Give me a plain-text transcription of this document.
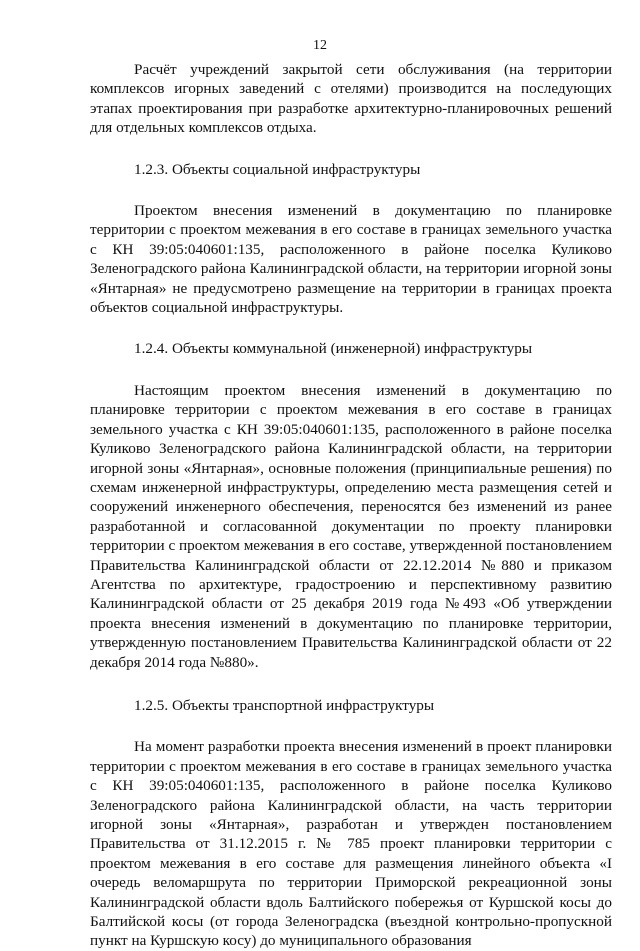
12

Расчёт учреждений закрытой сети обслуживания (на территории комплексов игорных заведений с отелями) производится на последующих этапах проектирования при разработке архитектурно-планировочных решений для отдельных комплексов отдыха.

1.2.3. Объекты социальной инфраструктуры

Проектом внесения изменений в документацию по планировке территории с проектом межевания в его составе в границах земельного участка с КН 39:05:040601:135, расположенного в районе поселка Куликово Зеленоградского района Калининградской области, на территории игорной зоны «Янтарная» не предусмотрено размещение на территории в границах проекта объектов социальной инфраструктуры.

1.2.4. Объекты коммунальной (инженерной) инфраструктуры

Настоящим проектом внесения изменений в документацию по планировке территории с проектом межевания в его составе в границах земельного участка с КН 39:05:040601:135, расположенного в районе поселка Куликово Зеленоградского района Калининградской области, на территории игорной зоны «Янтарная», основные положения (принципиальные решения) по схемам инженерной инфраструктуры, определению места размещения сетей и сооружений инженерного обеспечения, переносятся без изменений из ранее разработанной и согласованной документации по проекту планировки территории с проектом межевания в его составе, утвержденной постановлением Правительства Калининградской области от 22.12.2014 №880 и приказом Агентства по архитектуре, градостроению и перспективному развитию Калининградской области от 25 декабря 2019 года №493 «Об утверждении проекта внесения изменений в документацию по планировке территории, утвержденную постановлением Правительства Калининградской области от 22 декабря 2014 года №880».

1.2.5. Объекты транспортной инфраструктуры

На момент разработки проекта внесения изменений в проект планировки территории с проектом межевания в его составе в границах земельного участка с КН 39:05:040601:135, расположенного в районе поселка Куликово Зеленоградского района Калининградской области, на часть территории игорной зоны «Янтарная», разработан и утвержден постановлением Правительства от 31.12.2015 г. № 785 проект планировки территории с проектом межевания в его составе для размещения линейного объекта «I очередь веломаршрута по территории Приморской рекреационной зоны Калининградской области вдоль Балтийского побережья от Куршской косы до Балтийской косы (от города Зеленоградска (въездной контрольно-пропускной пункт на Куршскую косу) до муниципального образования
